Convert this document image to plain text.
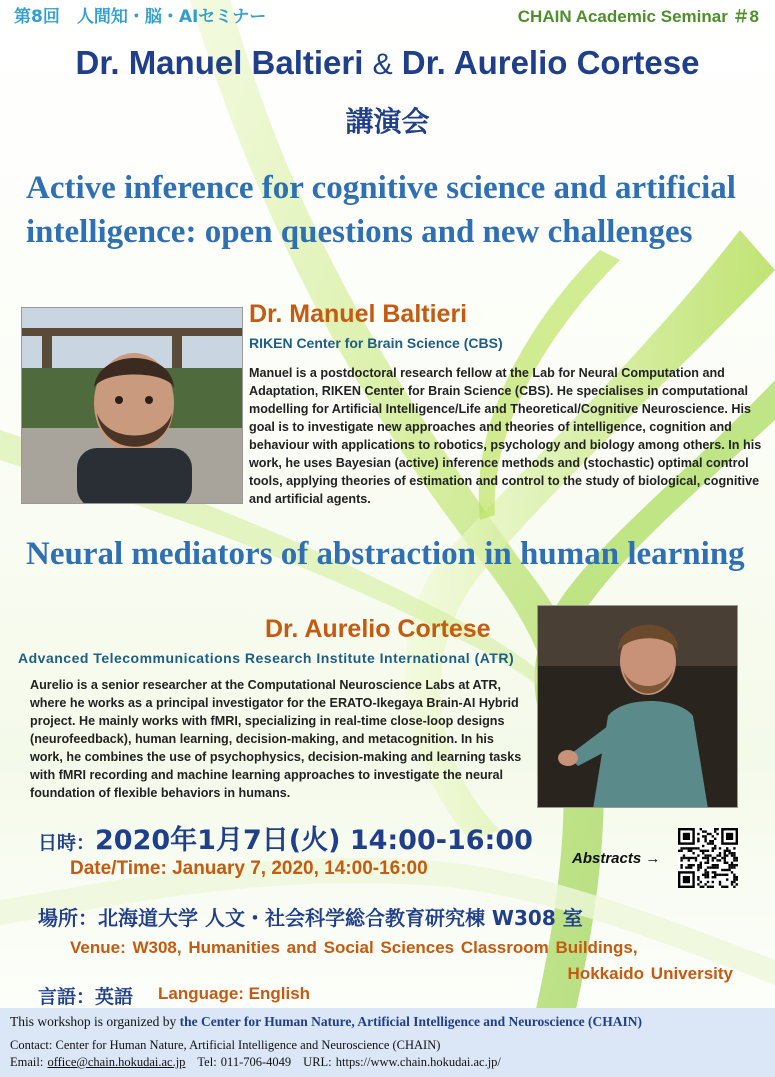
第8回　人間知・脳・AIセミナー	CHAIN Academic Seminar ＃8
Dr. Manuel Baltieri & Dr. Aurelio Cortese
講演会
Active inference for cognitive science and artificial intelligence: open questions and new challenges
Dr. Manuel Baltieri
RIKEN Center for Brain Science (CBS)
Manuel is a postdoctoral research fellow at the Lab for Neural Computation and Adaptation, RIKEN Center for Brain Science (CBS). He specialises in computational modelling for Artificial Intelligence/Life and Theoretical/Cognitive Neuroscience. His goal is to investigate new approaches and theories of intelligence, cognition and behaviour with applications to robotics, psychology and biology among others. In his work, he uses Bayesian (active) inference methods and (stochastic) optimal control tools, applying theories of estimation and control to the study of biological, cognitive and artificial agents.
Neural mediators of abstraction in human learning
Dr. Aurelio Cortese
Advanced Telecommunications Research Institute International (ATR)
Aurelio is a senior researcher at the Computational Neuroscience Labs at ATR, where he works as a principal investigator for the ERATO-Ikegaya Brain-AI Hybrid project. He mainly works with fMRI, specializing in real-time close-loop designs (neurofeedback), human learning, decision-making, and metacognition. In his work, he combines the use of psychophysics, decision-making and learning tasks with fMRI recording and machine learning approaches to investigate the neural foundation of flexible behaviors in humans.
日時：2020年1月7日(火) 14:00-16:00
Date/Time: January 7, 2020, 14:00-16:00	Abstracts →
場所：北海道大学 人文・社会科学総合教育研究棟 W308 室
Venue: W308, Humanities and Social Sciences Classroom Buildings,
Hokkaido University
言語：英語 Language: English
This workshop is organized by the Center for Human Nature, Artificial Intelligence and Neuroscience (CHAIN)
Contact: Center for Human Nature, Artificial Intelligence and Neuroscience (CHAIN)
Email: office@chain.hokudai.ac.jp Tel: 011-706-4049 URL: https://www.chain.hokudai.ac.jp/
